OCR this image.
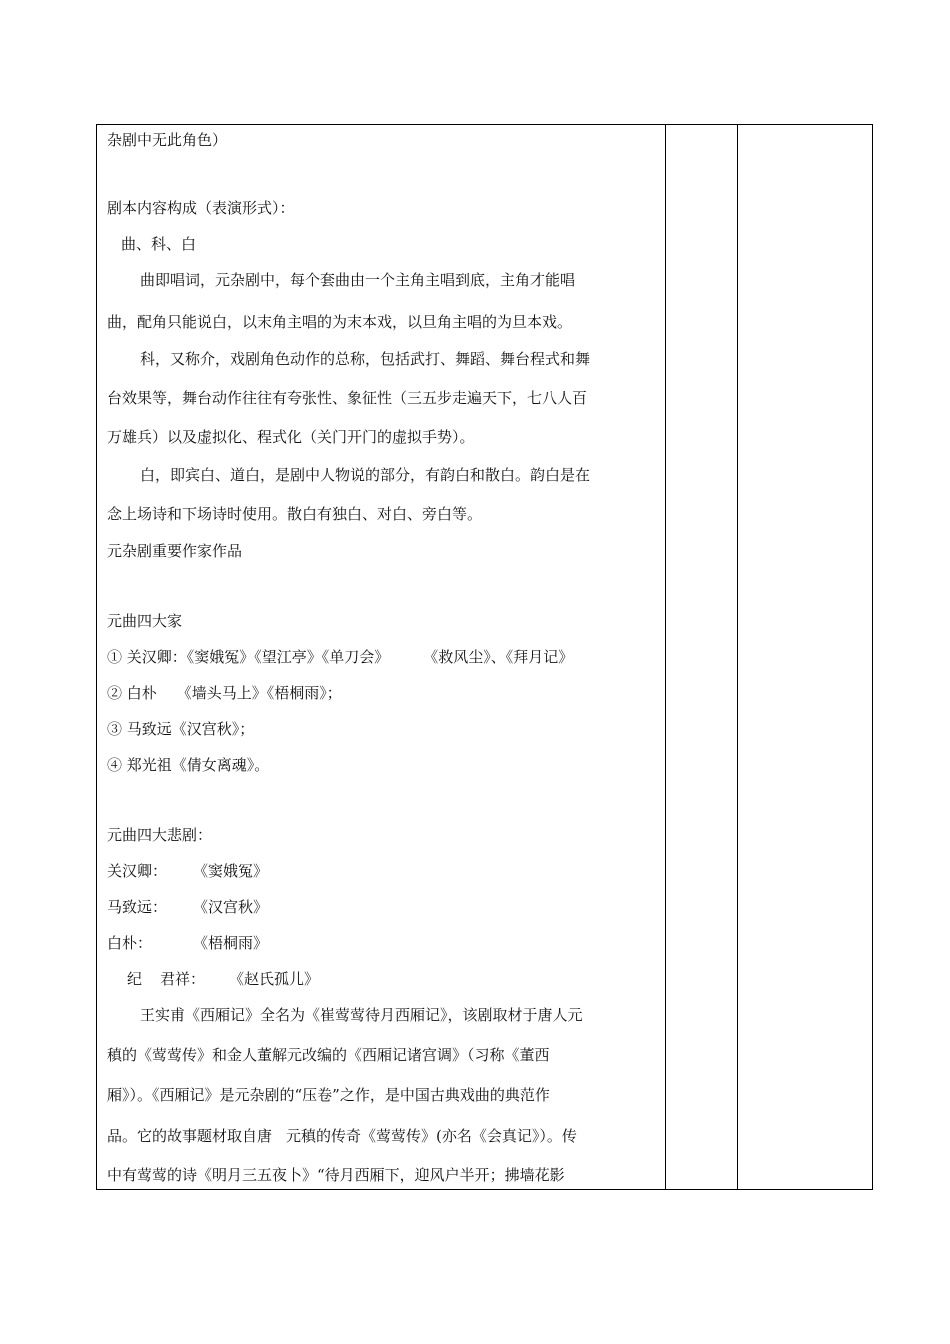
杂剧中无此角色）
剧本内容构成（表演形式）：
曲、科、白
曲即唱词，元杂剧中，每个套曲由一个主角主唱到底，主角才能唱
曲，配角只能说白，以末角主唱的为末本戏，以旦角主唱的为旦本戏。
科，又称介，戏剧角色动作的总称，包括武打、舞蹈、舞台程式和舞
台效果等，舞台动作往往有夸张性、象征性（三五步走遍天下，七八人百
万雄兵）以及虚拟化、程式化（关门开门的虚拟手势）。
白，即宾白、道白，是剧中人物说的部分，有韵白和散白。韵白是在
念上场诗和下场诗时使用。散白有独白、对白、旁白等。
元杂剧重要作家作品
元曲四大家
① 关汉卿：《窦娥冤》《望江亭》《单刀会》 《救风尘》、《拜月记》
② 白朴 《墙头马上》《梧桐雨》；
③ 马致远《汉宫秋》；
④ 郑光祖《倩女离魂》。
元曲四大悲剧：
关汉卿： 《窦娥冤》
马致远： 《汉宫秋》
白朴：	《梧桐雨》
纪 君祥： 《赵氏孤儿》
王实甫《西厢记》全名为《崔莺莺待月西厢记》，该剧取材于唐人元
稹的《莺莺传》和金人董解元改编的《西厢记诸宫调》（习称《董西
厢》）。《西厢记》是元杂剧的“压卷”之作，是中国古典戏曲的典范作
品。它的故事题材取自唐 元稹的传奇《莺莺传》(亦名《会真记》）。传
中有莺莺的诗《明月三五夜卜》“待月西厢下，迎风户半开；拂墙花影
